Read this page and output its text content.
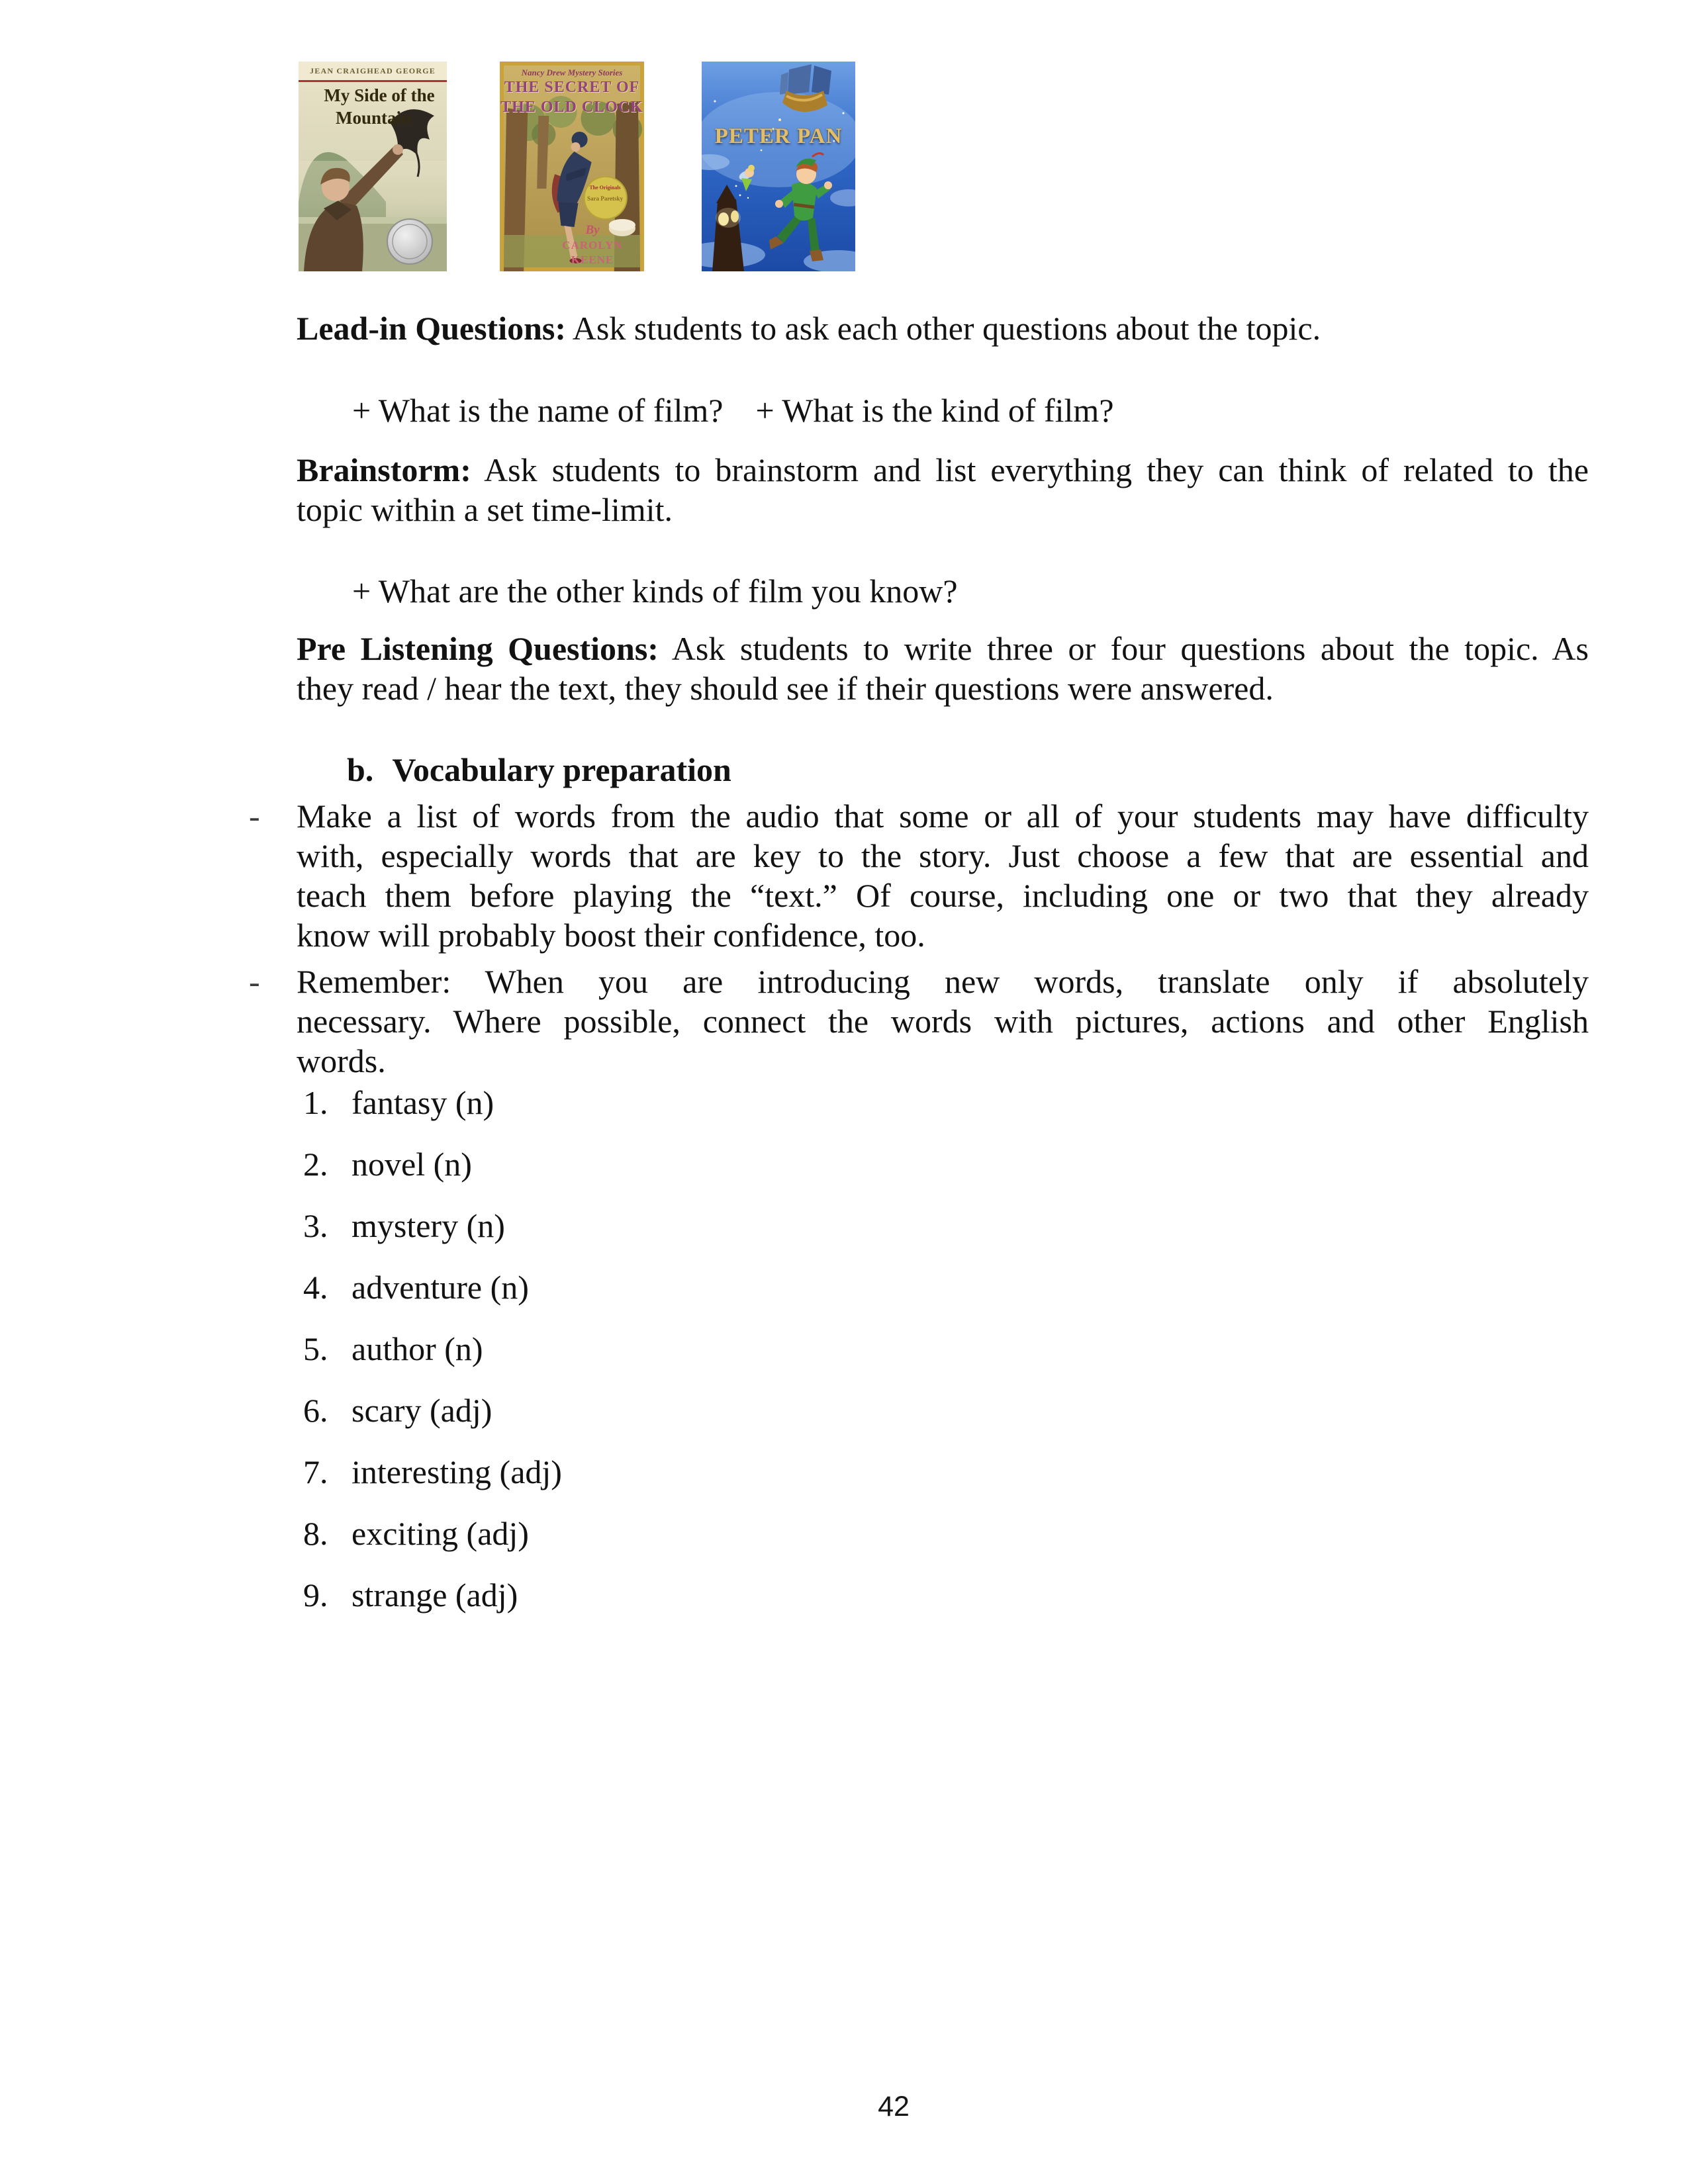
JEAN CRAIGHEAD GEORGE
My Side of the
Mountain
Nancy Drew Mystery Stories
THE SECRET OF
THE OLD CLOCK
The Originals
Sara Paretsky
By
CAROLYN
KEENE
PETER PAN
Lead-in Questions: Ask students to ask each other questions about the topic.
+ What is the name of film? + What is the kind of film?
Brainstorm: Ask students to brainstorm and list everything they can think of related to the
topic within a set time-limit.
+ What are the other kinds of film you know?
Pre Listening Questions: Ask students to write three or four questions about the topic. As
they read / hear the text, they should see if their questions were answered.
b. Vocabulary preparation
- Make a list of words from the audio that some or all of your students may have difficulty with, especially words that are key to the story. Just choose a few that are essential and teach them before playing the “text.” Of course, including one or two that they already
know will probably boost their confidence, too.
- Remember: When you are introducing new words, translate only if absolutely necessary. Where possible, connect the words with pictures, actions and other English
words.
1. fantasy (n)
2. novel (n)
3. mystery (n)
4. adventure (n)
5. author (n)
6. scary (adj)
7. interesting (adj)
8. exciting (adj)
9. strange (adj)
42
